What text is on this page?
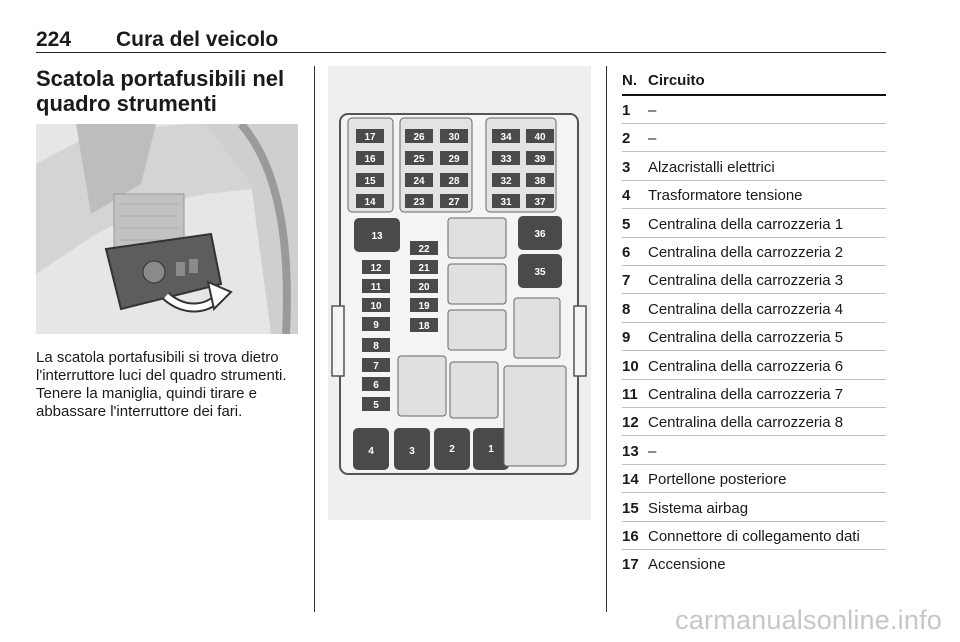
224 Cura del veicolo
Scatola portafusibili nel
quadro strumenti
La scatola portafusibili si trova dietro
l'interruttore luci del quadro strumenti.
Tenere la maniglia, quindi tirare e
abbassare l'interruttore dei fari.
17
16
15
14
26
25
24
23
30
29
28
27
34
33
32
31
40
39
38
37
13	36
35
12
11
10
9
8
7
6
5
22
21
20
19
18
4	3	2	1
N. Circuito
1 –
2 –
3 Alzacristalli elettrici
4 Trasformatore tensione
5 Centralina della carrozzeria 1
6 Centralina della carrozzeria 2
7 Centralina della carrozzeria 3
8 Centralina della carrozzeria 4
9 Centralina della carrozzeria 5
10 Centralina della carrozzeria 6
11 Centralina della carrozzeria 7
12 Centralina della carrozzeria 8
13 –
14 Portellone posteriore
15 Sistema airbag
16 Connettore di collegamento dati
17 Accensione
carmanualsonline.info
